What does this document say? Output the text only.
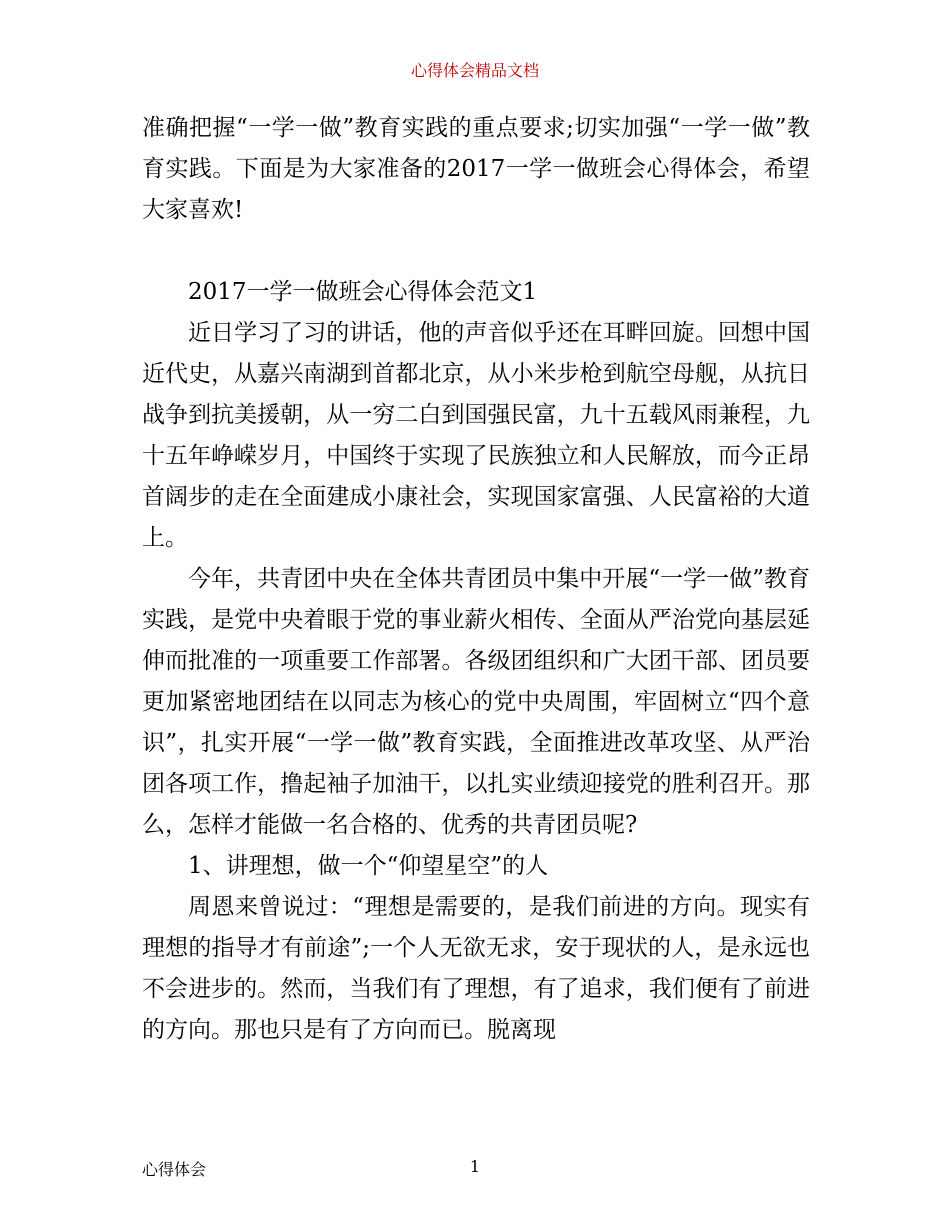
心得体会精品文档

准确把握“一学一做”教育实践的重点要求;切实加强“一学一做”教育实践。下面是为大家准备的2017一学一做班会心得体会，希望大家喜欢!

2017一学一做班会心得体会范文1

近日学习了习的讲话，他的声音似乎还在耳畔回旋。回想中国近代史，从嘉兴南湖到首都北京，从小米步枪到航空母舰，从抗日战争到抗美援朝，从一穷二白到国强民富，九十五载风雨兼程，九十五年峥嵘岁月，中国终于实现了民族独立和人民解放，而今正昂首阔步的走在全面建成小康社会，实现国家富强、人民富裕的大道上。

今年，共青团中央在全体共青团员中集中开展“一学一做”教育实践，是党中央着眼于党的事业薪火相传、全面从严治党向基层延伸而批准的一项重要工作部署。各级团组织和广大团干部、团员要更加紧密地团结在以同志为核心的党中央周围，牢固树立“四个意识”，扎实开展“一学一做”教育实践，全面推进改革攻坚、从严治团各项工作，撸起袖子加油干，以扎实业绩迎接党的胜利召开。那么，怎样才能做一名合格的、优秀的共青团员呢?

1、讲理想，做一个“仰望星空”的人

周恩来曾说过：“理想是需要的，是我们前进的方向。现实有理想的指导才有前途”;一个人无欲无求，安于现状的人，是永远也不会进步的。然而，当我们有了理想，有了追求，我们便有了前进的方向。那也只是有了方向而已。脱离现

心得体会	1
